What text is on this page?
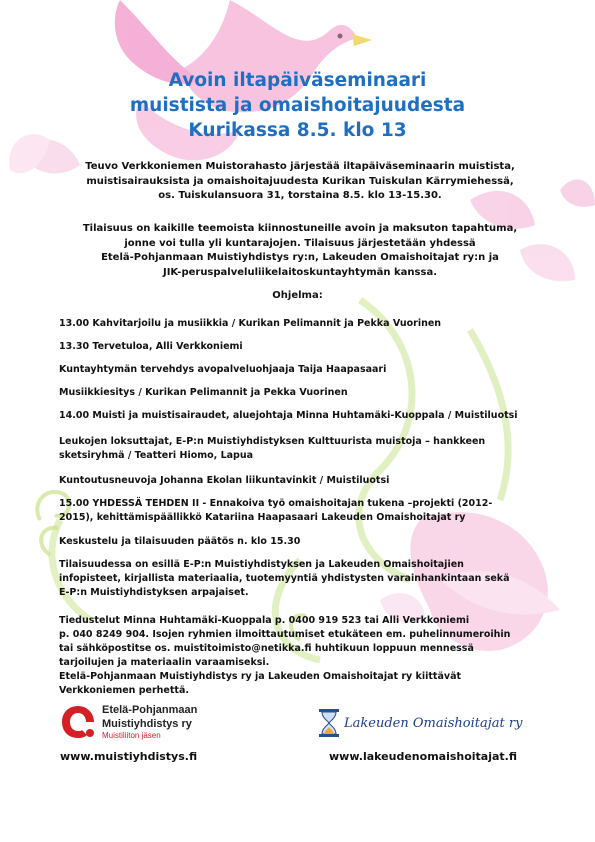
Avoin iltapäiväseminaari
muistista ja omaishoitajuudesta
Kurikassa 8.5. klo 13

Teuvo Verkkoniemen Muistorahasto järjestää iltapäiväseminaarin muistista,
muistisairauksista ja omaishoitajuudesta Kurikan Tuiskulan Kärrymiehessä,
os. Tuiskulansuora 31, torstaina 8.5. klo 13-15.30.

Tilaisuus on kaikille teemoista kiinnostuneille avoin ja maksuton tapahtuma,
jonne voi tulla yli kuntarajojen. Tilaisuus järjestetään yhdessä
Etelä-Pohjanmaan Muistiyhdistys ry:n, Lakeuden Omaishoitajat ry:n ja
JIK-peruspalveluliikelaitoskuntayhtymän kanssa.

Ohjelma:

13.00 Kahvitarjoilu ja musiikkia / Kurikan Pelimannit ja Pekka Vuorinen
13.30 Tervetuloa, Alli Verkkoniemi
Kuntayhtymän tervehdys avopalveluohjaaja Taija Haapasaari
Musiikkiesitys / Kurikan Pelimannit ja Pekka Vuorinen
14.00 Muisti ja muistisairaudet, aluejohtaja Minna Huhtamäki-Kuoppala / Muistiluotsi
Leukojen loksuttajat, E-P:n Muistiyhdistyksen Kulttuurista muistoja – hankkeen
sketsiryhmä / Teatteri Hiomo, Lapua
Kuntoutusneuvoja Johanna Ekolan liikuntavinkit / Muistiluotsi
15.00 YHDESSÄ TEHDEN II - Ennakoiva työ omaishoitajan tukena –projekti (2012-
2015), kehittämispäällikkö Katariina Haapasaari Lakeuden Omaishoitajat ry
Keskustelu ja tilaisuuden päätös n. klo 15.30
Tilaisuudessa on esillä E-P:n Muistiyhdistyksen ja Lakeuden Omaishoitajien
infopisteet, kirjallista materiaalia, tuotemyyntiä yhdistysten varainhankintaan sekä
E-P:n Muistiyhdistyksen arpajaiset.
Tiedustelut Minna Huhtamäki-Kuoppala p. 0400 919 523 tai Alli Verkkoniemi
p. 040 8249 904. Isojen ryhmien ilmoittautumiset etukäteen em. puhelinnumeroihin
tai sähköpostitse os. muistitoimisto@netikka.fi huhtikuun loppuun mennessä
tarjoilujen ja materiaalin varaamiseksi.
Etelä-Pohjanmaan Muistiyhdistys ry ja Lakeuden Omaishoitajat ry kiittävät
Verkkoniemen perhettä.
Etelä-Pohjanmaan
Muistiyhdistys ry
Muistiliiton jäsen
Lakeuden Omaishoitajat ry

www.muistiyhdistys.fi	www.lakeudenomaishoitajat.fi
